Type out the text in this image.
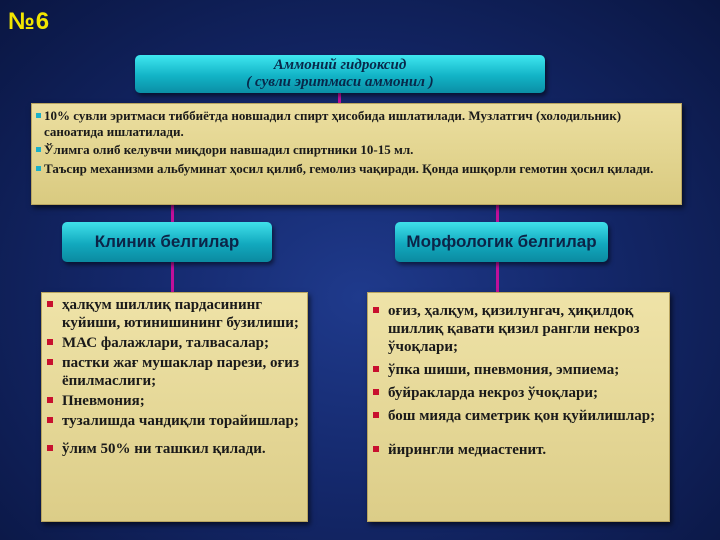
№6
Аммоний гидроксид
( сувли эритмаси аммонил )
10% сувли эритмаси тиббиётда новшадил спирт ҳисобида ишлатилади. Музлатгич (холодильник) саноатида ишлатилади.
Ўлимга олиб келувчи миқдори навшадил спиртники 10-15 мл.
Таъсир механизми альбуминат ҳосил қилиб, гемолиз чақиради. Қонда ишқорли гемотин ҳосил қилади.
Клиник белгилар	Морфологик белгилар
ҳалқум шиллиқ пардасининг куйиши, ютинишининг бузилиши;
МАС фалажлари, талвасалар;
пастки жағ мушаклар парези, оғиз ёпилмаслиги;
Пневмония;
тузалишда чандиқли торайишлар;
ўлим 50% ни ташкил қилади.
оғиз, ҳалқум, қизилунгач, ҳиқилдоқ шиллиқ қавати қизил рангли некроз ўчоқлари;
ўпка шиши, пневмония, эмпиема;
буйракларда некроз ўчоқлари;
бош мияда симетрик қон қуйилишлар;
йирингли медиастенит.
